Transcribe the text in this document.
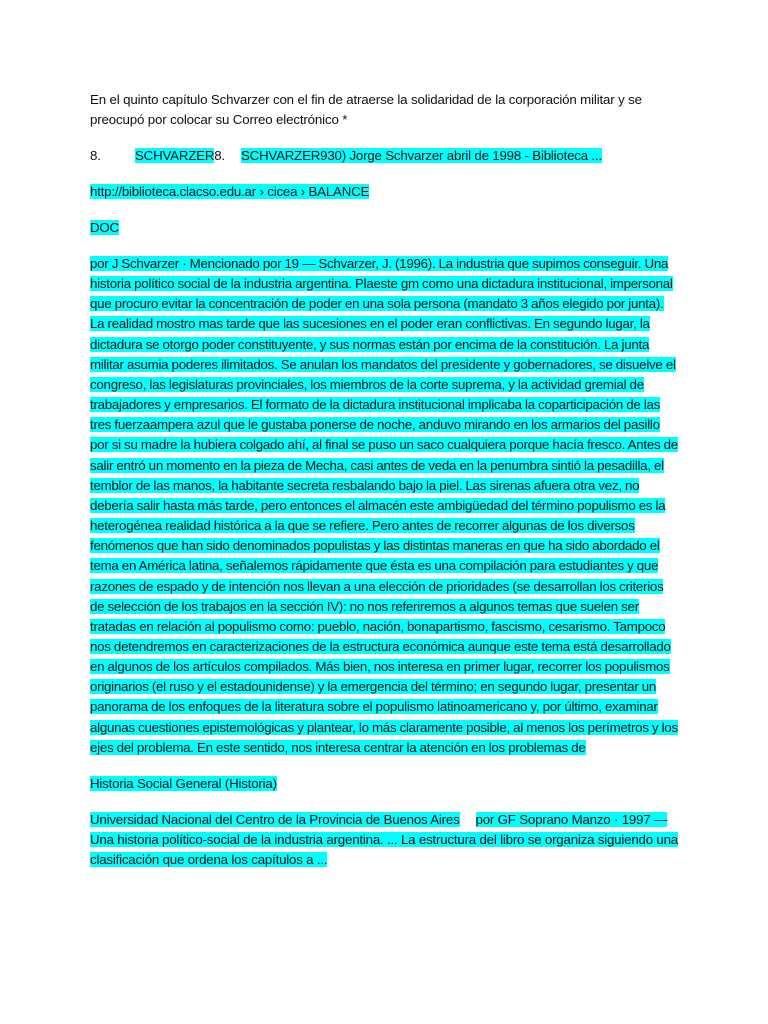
En el quinto capítulo Schvarzer con el fin de atraerse la solidaridad de la corporación militar y se preocupó por colocar su Correo electrónico *

8.	SCHVARZER8. SCHVARZER930) Jorge Schvarzer abril de 1998 - Biblioteca ...
http://biblioteca.clacso.edu.ar › cicea › BALANCE
DOC
por J Schvarzer · Mencionado por 19 — Schvarzer, J. (1996). La industria que supimos conseguir. Una historia político social de la industria argentina. Plaeste gm como una dictadura institucional, impersonal que procuro evitar la concentración de poder en una sola persona (mandato 3 años elegido por junta). La realidad mostro mas tarde que las sucesiones en el poder eran conflictivas. En segundo lugar, la dictadura se otorgo poder constituyente, y sus normas están por encima de la constitución. La junta militar asumia poderes ilimitados. Se anulan los mandatos del presidente y gobernadores, se disuelve el congreso, las legislaturas provinciales, los miembros de la corte suprema, y la actividad gremial de trabajadores y empresarios. El formato de la dictadura institucional implicaba la coparticipación de las tres fuerzaampera azul que le gustaba ponerse de noche, anduvo mirando en los armarios del pasillo por si su madre la hubiera colgado ahí, al final se puso un saco cualquiera porque hacía fresco. Antes de salir entró un momento en la pieza de Mecha, casi antes de veda en la penumbra sintió la pesadilla, el temblor de las manos, la habitante secreta resbalando bajo la piel. Las sirenas afuera otra vez, no debería salir hasta más tarde, pero entonces el almacén este ambigüedad del término populismo es la heterogénea realidad histórica a la que se refiere. Pero antes de recorrer algunas de los diversos fenómenos que han sido denominados populistas y las distintas maneras en que ha sido abordado el tema en América latina, señalemos rápidamente que ésta es una compilación para estudiantes y que razones de espado y de intención nos llevan a una elección de prioridades (se desarrollan los criterios de selección de los trabajos en la sección IV): no nos referiremos a algunos temas que suelen ser tratadas en relación al populismo como: pueblo, nación, bonapartismo, fascismo, cesarismo. Tampoco nos detendremos en caracterizaciones de la estructura económica aunque este tema está desarrollado en algunos de los artículos compilados. Más bien, nos interesa en primer lugar, recorrer los populismos originarios (el ruso y el estadounidense) y la emergencia del término; en segundo lugar, presentar un panorama de los enfoques de la literatura sobre el populismo latinoamericano y, por último, examinar algunas cuestiones epistemológicas y plantear, lo más claramente posible, al menos los perímetros y los ejes del problema. En este sentido, nos interesa centrar la atención en los problemas de
Historia Social General (Historia)
Universidad Nacional del Centro de la Provincia de Buenos Aires por GF Soprano Manzo · 1997 — Una historia político-social de la industria argentina. ... La estructura del libro se organiza siguiendo una clasificación que ordena los capítulos a ...
